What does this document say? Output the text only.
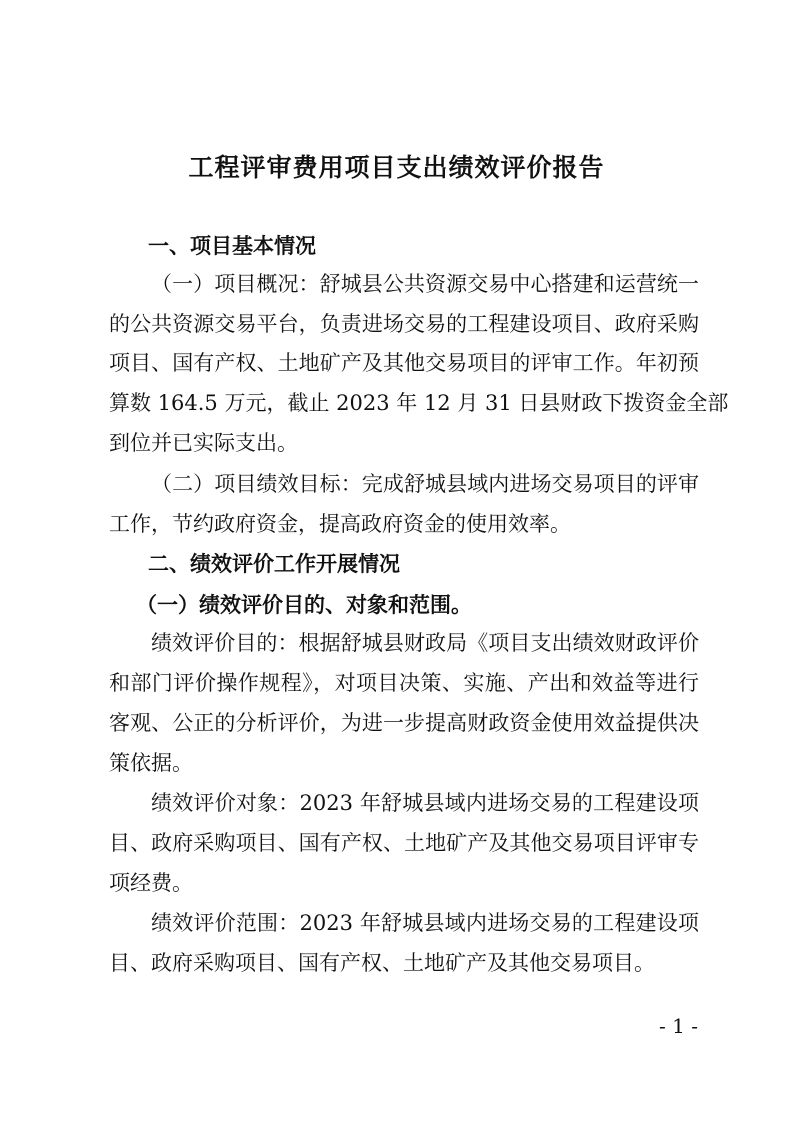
工程评审费用项目支出绩效评价报告
一、项目基本情况
（一）项目概况：舒城县公共资源交易中心搭建和运营统一
的公共资源交易平台，负责进场交易的工程建设项目、政府采购
项目、国有产权、土地矿产及其他交易项目的评审工作。年初预
算数 164.5 万元，截止 2023 年 12 月 31 日县财政下拨资金全部
到位并已实际支出。
（二）项目绩效目标：完成舒城县域内进场交易项目的评审
工作，节约政府资金，提高政府资金的使用效率。
二、绩效评价工作开展情况
（一）绩效评价目的、对象和范围。
绩效评价目的：根据舒城县财政局《项目支出绩效财政评价
和部门评价操作规程》，对项目决策、实施、产出和效益等进行
客观、公正的分析评价，为进一步提高财政资金使用效益提供决
策依据。
绩效评价对象：2023 年舒城县域内进场交易的工程建设项
目、政府采购项目、国有产权、土地矿产及其他交易项目评审专
项经费。
绩效评价范围：2023 年舒城县域内进场交易的工程建设项
目、政府采购项目、国有产权、土地矿产及其他交易项目。
- 1 -
